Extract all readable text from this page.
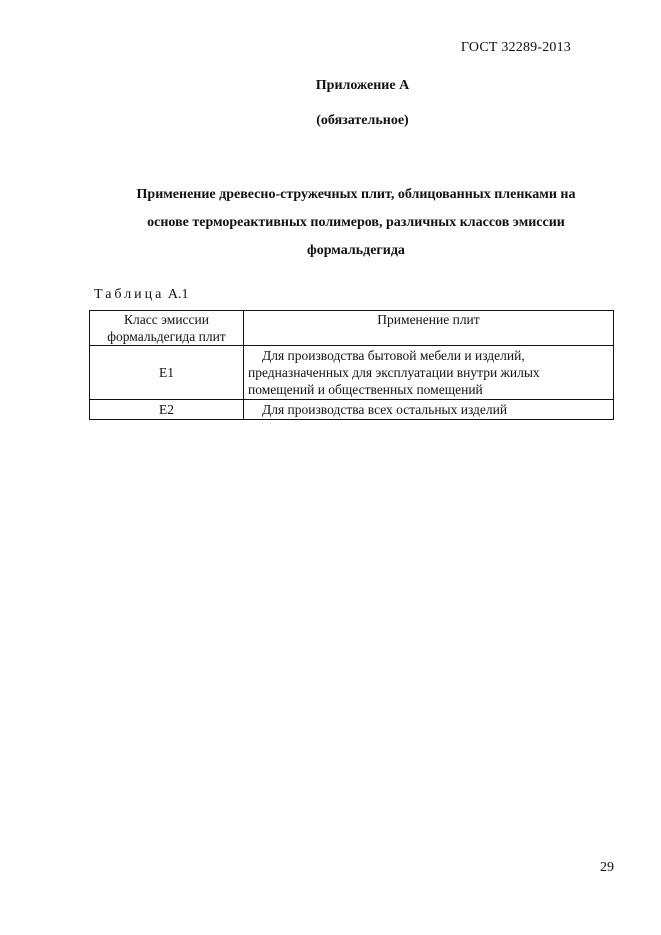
ГОСТ 32289-2013
Приложение А
(обязательное)
Применение древесно-стружечных плит, облицованных пленками на
основе термореактивных полимеров, различных классов эмиссии
формальдегида
Таблица А.1
Класс эмиссии
формальдегида плит	Применение плит
Е1	Для производства бытовой мебели и изделий, предназначенных для эксплуатации внутри жилых помещений и общественных помещений
Е2	Для производства всех остальных изделий
29
